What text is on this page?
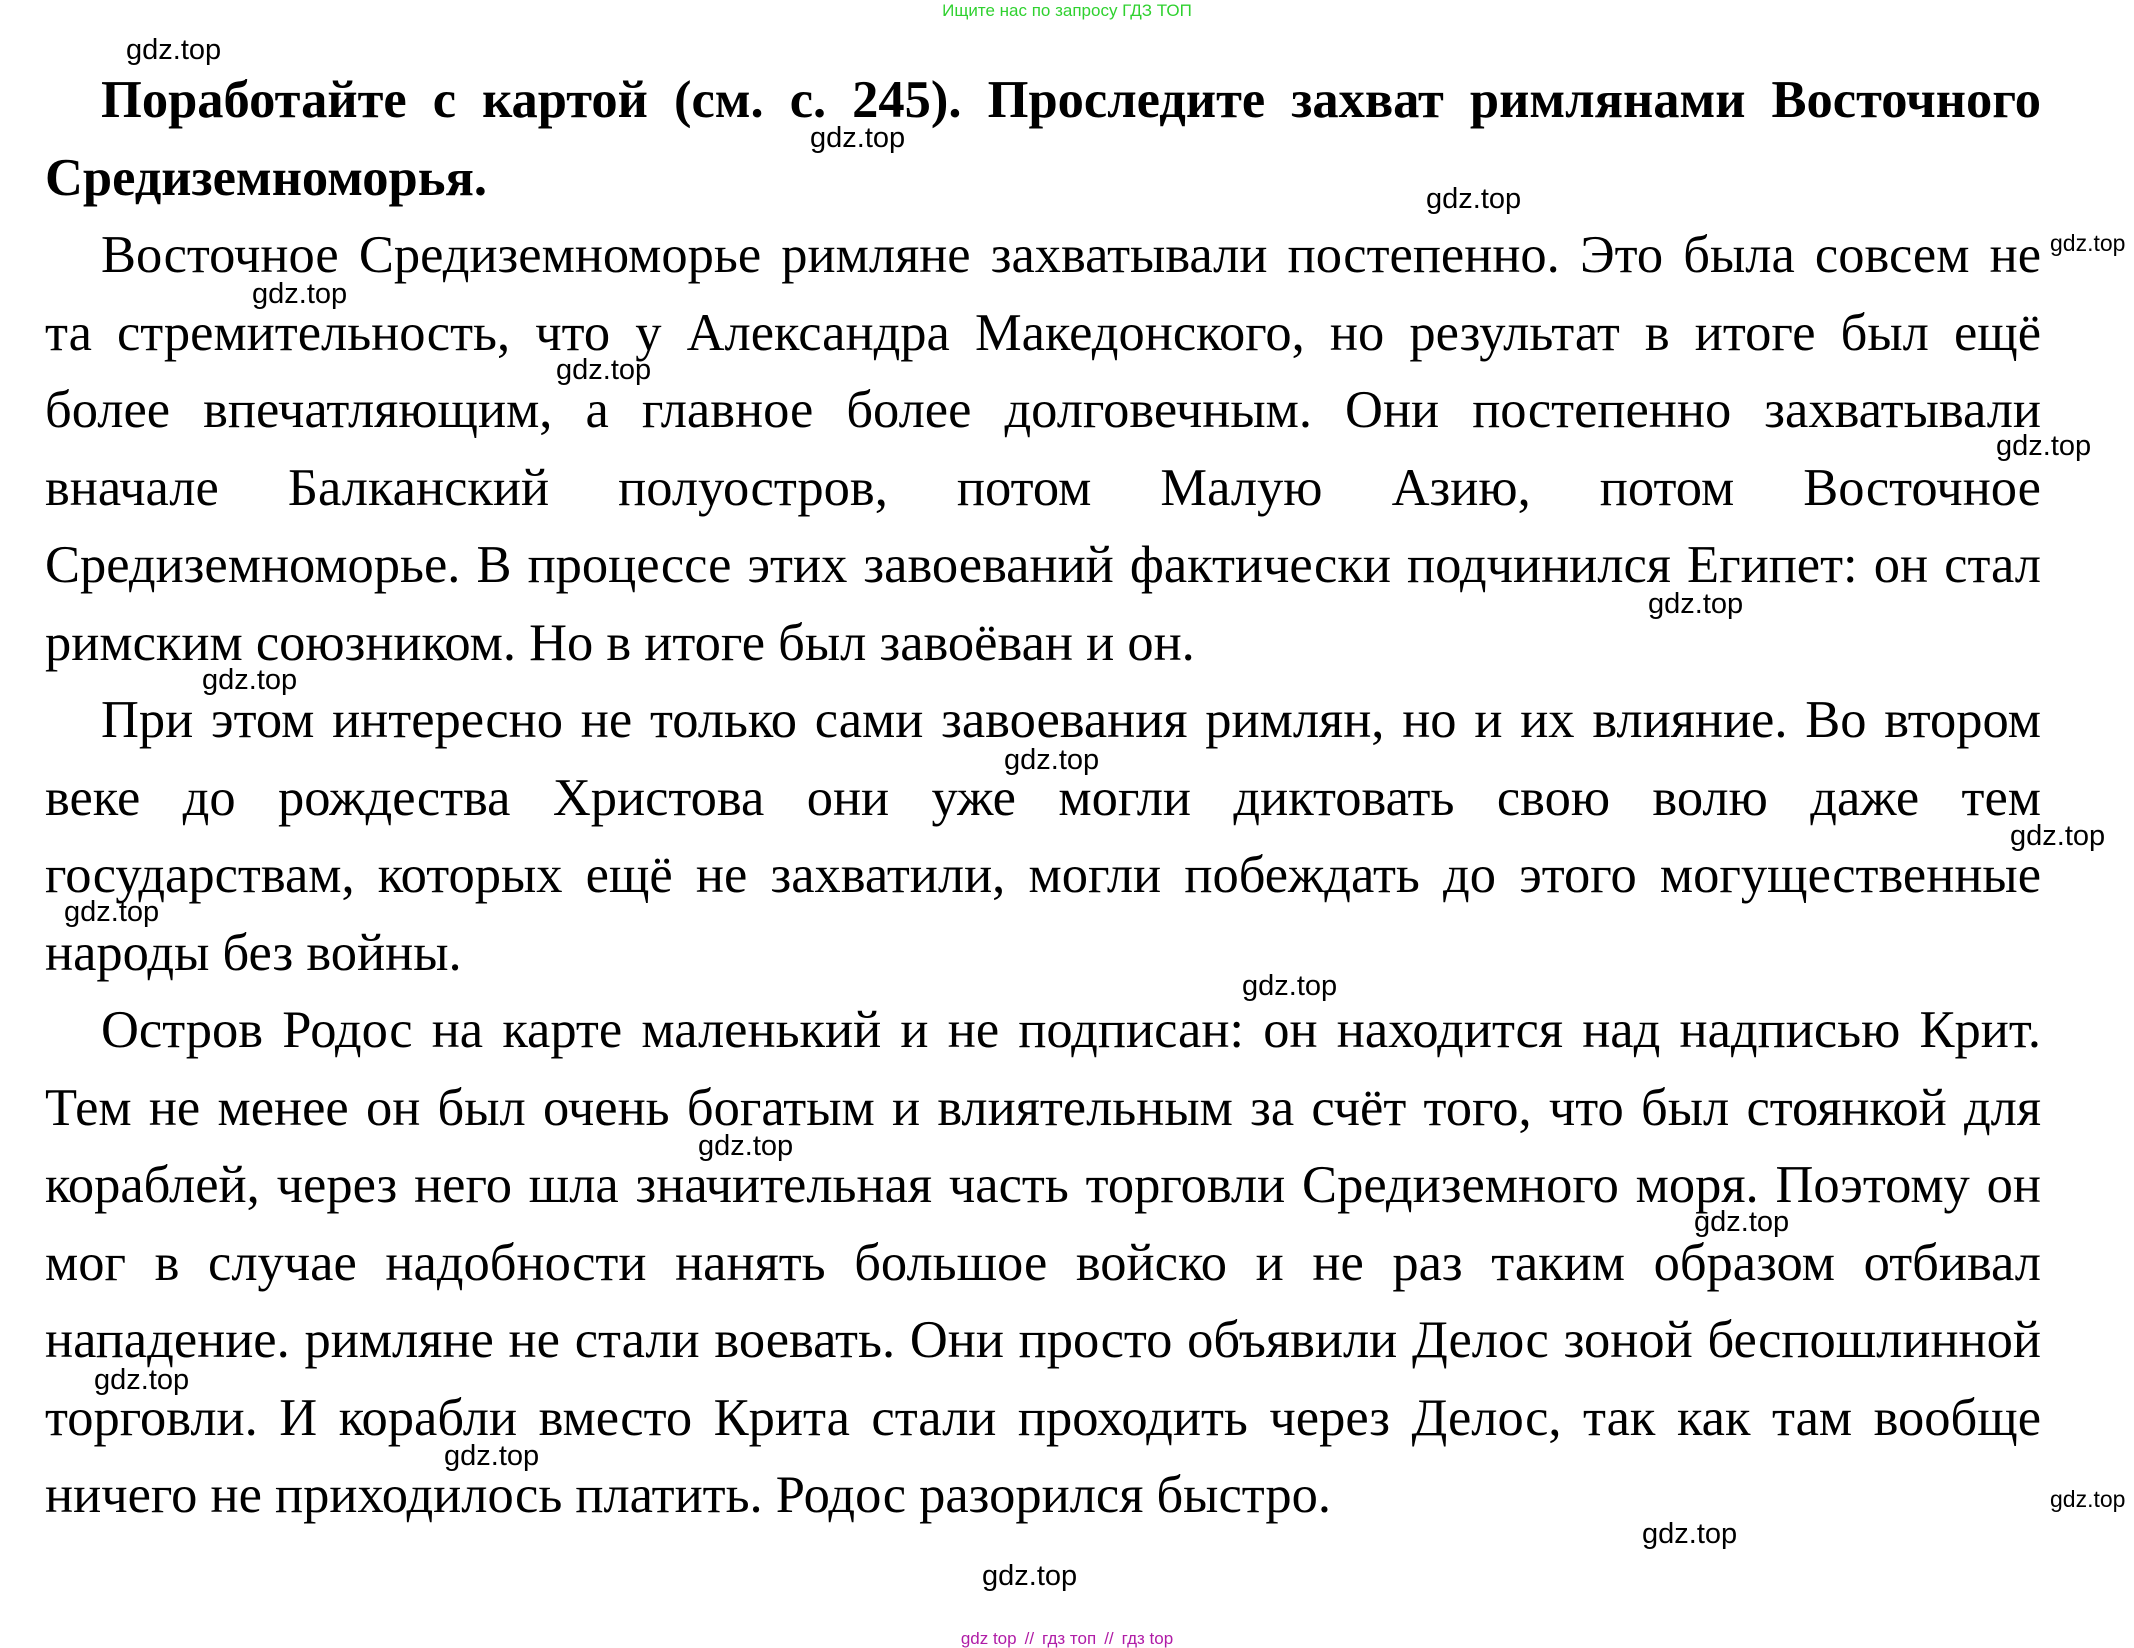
Ищите нас по запросу ГДЗ ТОП

Поработайте с картой (см. с. 245). Проследите захват римлянами Восточного Средиземноморья.

Восточное Средиземноморье римляне захватывали постепенно. Это была совсем не та стремительность, что у Александра Македонского, но результат в итоге был ещё более впечатляющим, а главное более долговечным. Они постепенно захватывали вначале Балканский полуостров, потом Малую Азию, потом Восточное Средиземноморье. В процессе этих завоеваний фактически подчинился Египет: он стал римским союзником. Но в итоге был завоёван и он.

При этом интересно не только сами завоевания римлян, но и их влияние. Во втором веке до рождества Христова они уже могли диктовать свою волю даже тем государствам, которых ещё не захватили, могли побеждать до этого могущественные народы без войны.

Остров Родос на карте маленький и не подписан: он находится над надписью Крит. Тем не менее он был очень богатым и влиятельным за счёт того, что был стоянкой для кораблей, через него шла значительная часть торговли Средиземного моря. Поэтому он мог в случае надобности нанять большое войско и не раз таким образом отбивал нападение. римляне не стали воевать. Они просто объявили Делос зоной беспошлинной торговли. И корабли вместо Крита стали проходить через Делос, так как там вообще ничего не приходилось платить. Родос разорился быстро.

gdz.top
gdz.top
gdz.top
gdz.top
gdz.top
gdz.top
gdz.top
gdz.top
gdz.top
gdz.top
gdz.top
gdz.top
gdz.top
gdz.top
gdz.top
gdz.top
gdz.top
gdz.top
gdz.top
gdz.top
gdz top // гдз топ // гдз top
